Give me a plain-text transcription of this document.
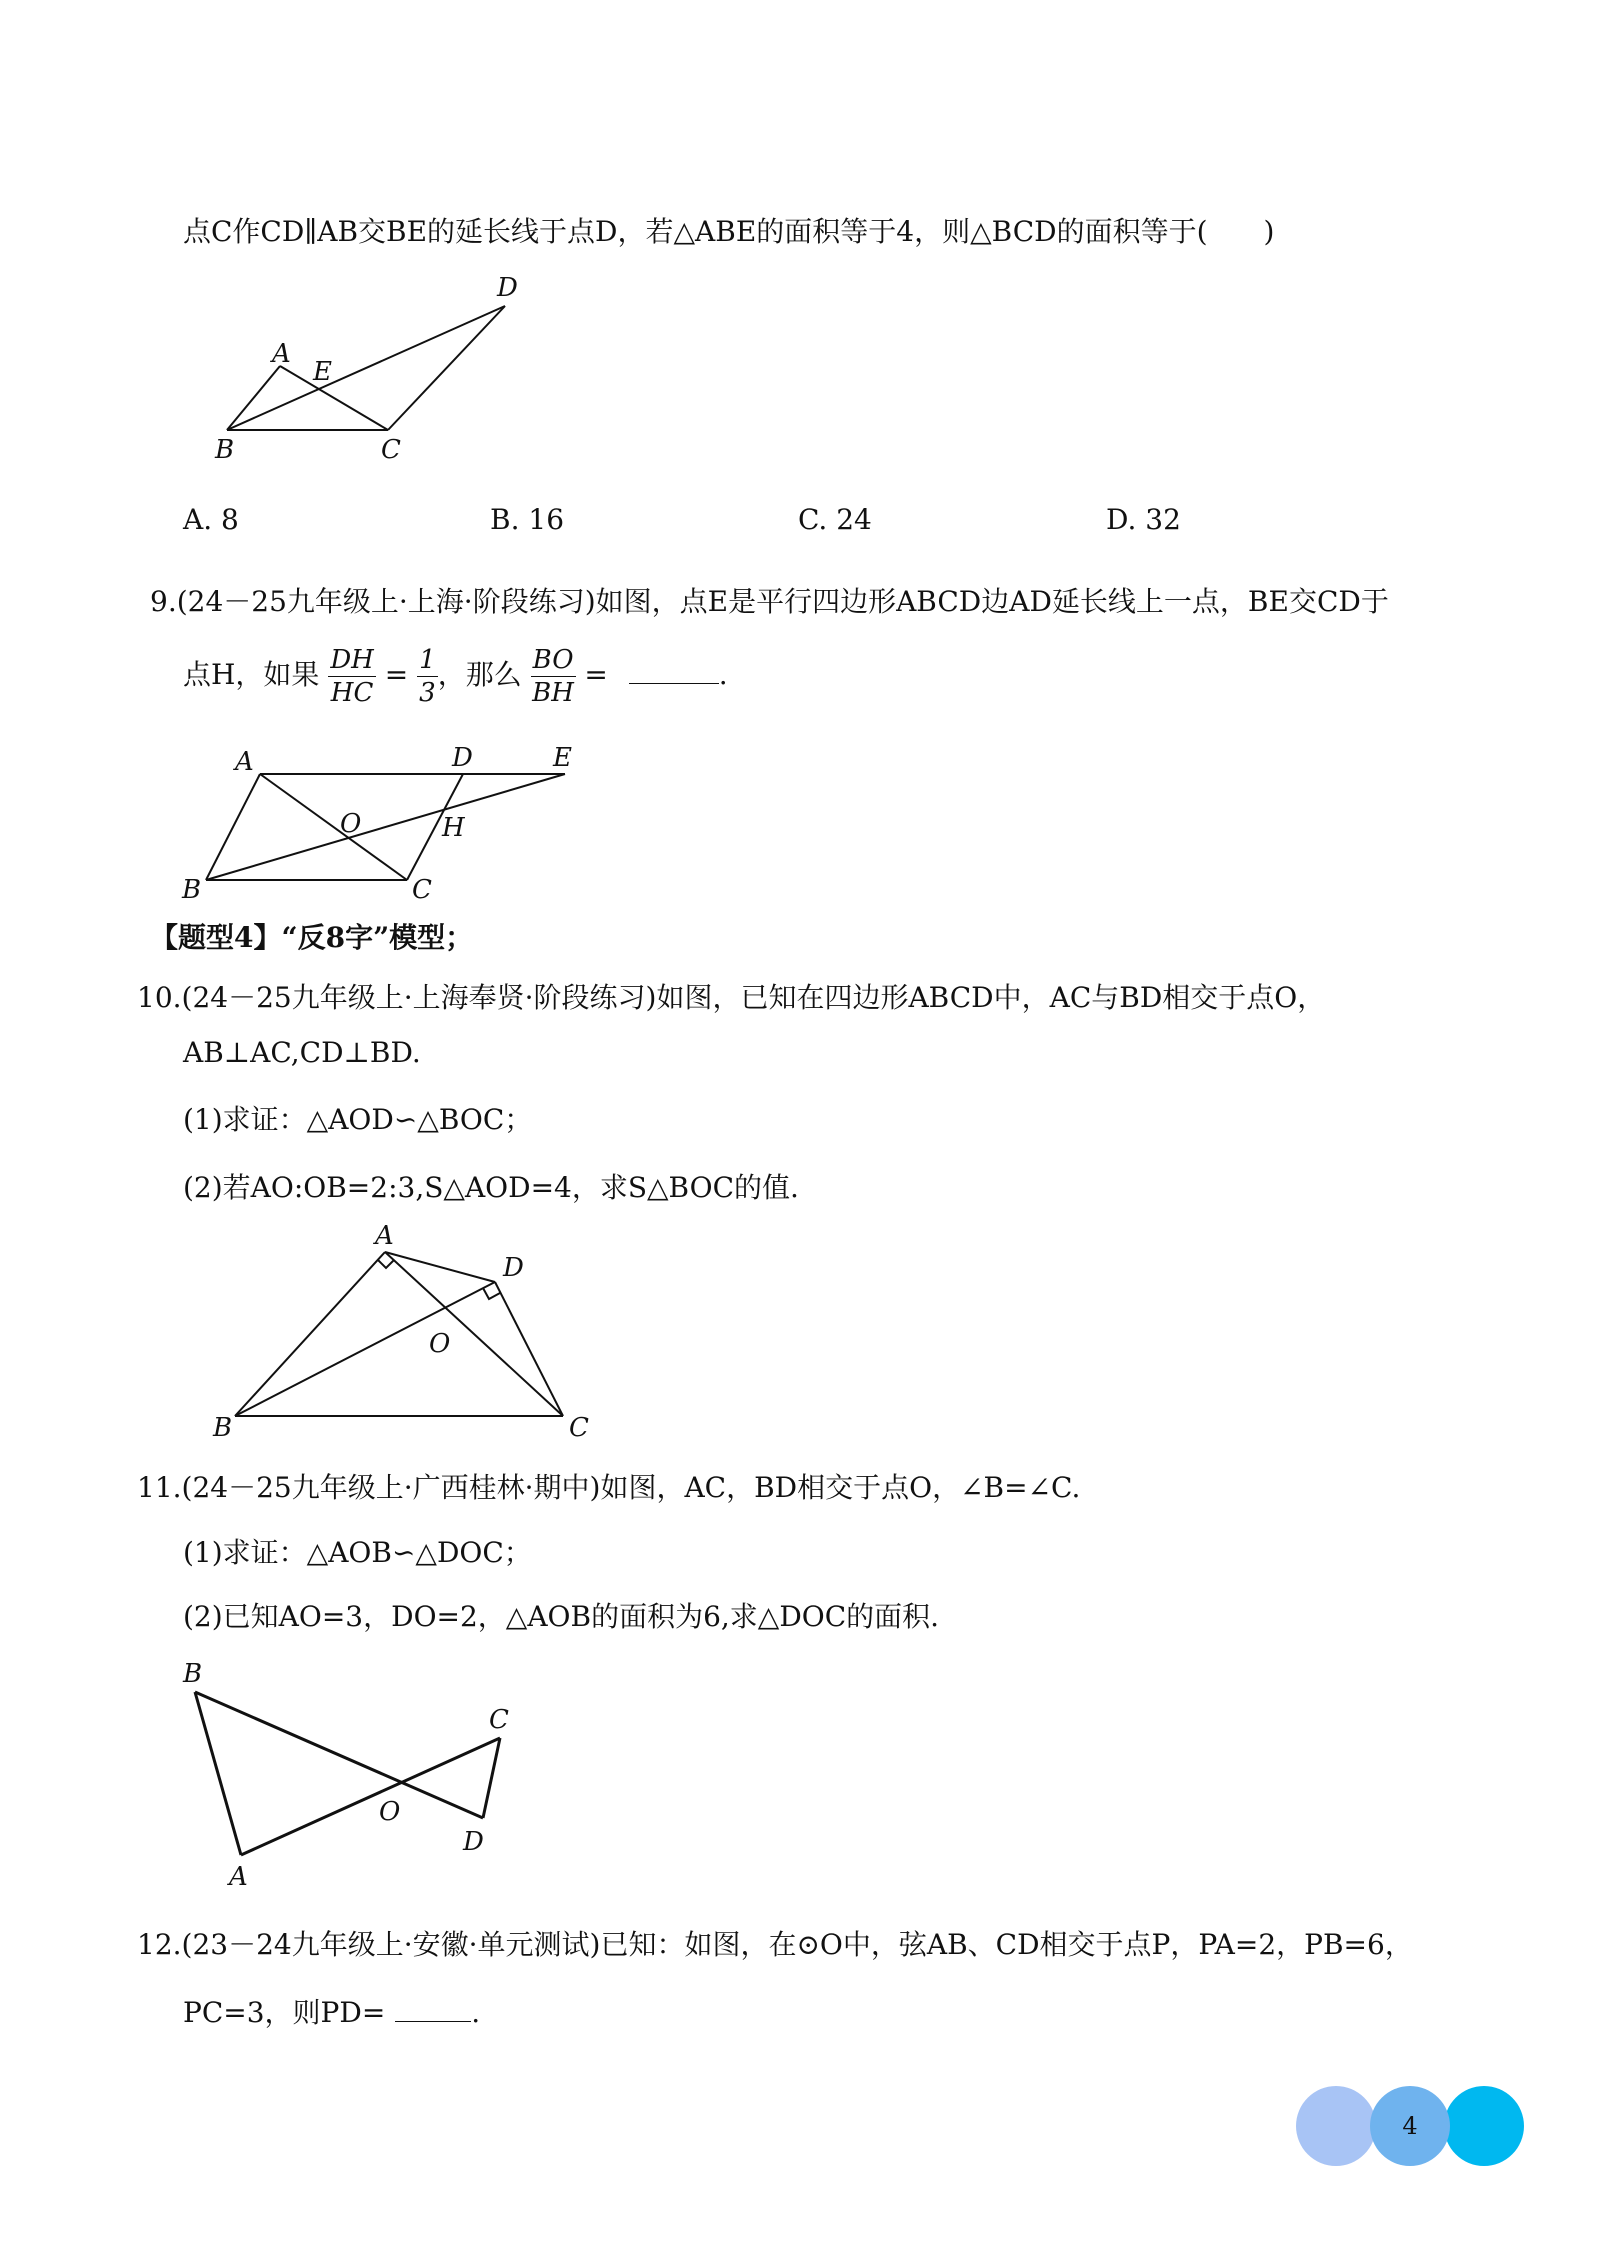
点C作CD∥AB交BE的延长线于点D，若△ABE的面积等于4，则△BCD的面积等于(　　)
A
B	C
D
E
A. 8	B. 16	C. 24	D. 32
9.(24－25九年级上·上海·阶段练习)如图，点E是平行四边形ABCD边AD延长线上一点，BE交CD于
点H，如果 $\frac{DH}{HC} = \frac{1}{3}$ ，那么 $\frac{BO}{BH}$ =	.
A
B	C
D	E
O	H
【题型4】“反8字”模型；
10.(24－25九年级上·上海奉贤·阶段练习)如图，已知在四边形ABCD中，AC与BD相交于点O，
AB⊥AC,CD⊥BD.
(1)求证：△AOD∽△BOC；
(2)若AO:OB=2:3,S△AOD=4，求S△BOC的值.
A
B	C
D
O
11.(24－25九年级上·广西桂林·期中)如图，AC，BD相交于点O，∠B=∠C.
(1)求证：△AOB∽△DOC；
(2)已知AO=3，DO=2，△AOB的面积为6,求△DOC的面积.
B
A
C
D
O
12.(23－24九年级上·安徽·单元测试)已知：如图，在⊙O中，弦AB、CD相交于点P，PA=2，PB=6，
PC=3，则PD=	.
4
